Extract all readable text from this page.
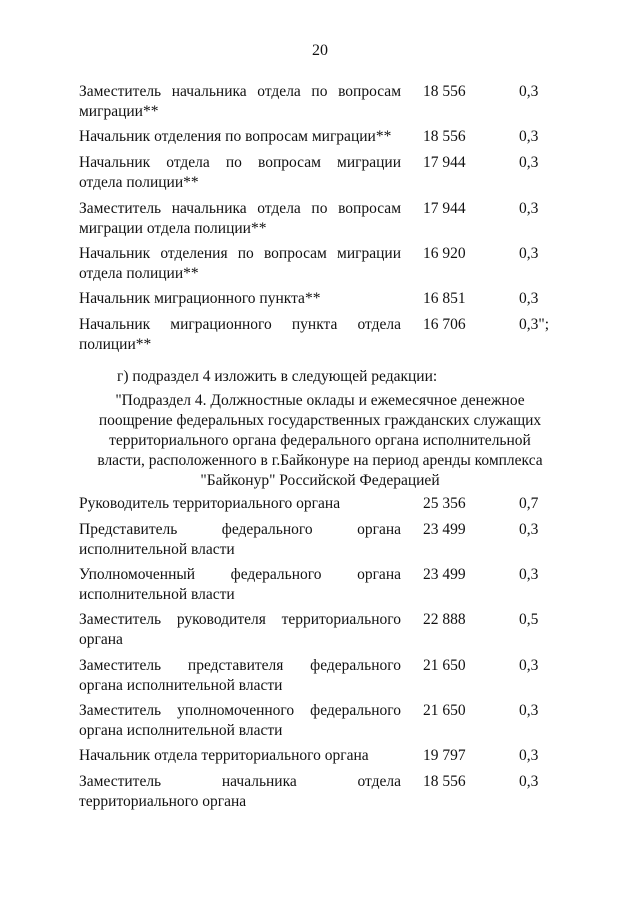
20
Заместитель начальника отдела по вопросам
миграции**
18 556	0,3
Начальник отделения по вопросам миграции**	18 556	0,3
Начальник отдела по вопросам миграции
отдела полиции**
17 944	0,3
Заместитель начальника отдела по вопросам
миграции отдела полиции**
17 944	0,3
Начальник отделения по вопросам миграции
отдела полиции**
16 920	0,3
Начальник миграционного пункта**	16 851	0,3
Начальник миграционного пункта отдела
полиции**
16 706	0,3";
г) подраздел 4 изложить в следующей редакции:
"Подраздел 4. Должностные оклады и ежемесячное денежное
поощрение федеральных государственных гражданских служащих
территориального органа федерального органа исполнительной
власти, расположенного в г.Байконуре на период аренды комплекса
"Байконур" Российской Федерацией
Руководитель территориального органа	25 356	0,7
Представитель федерального органа
исполнительной власти
23 499	0,3
Уполномоченный федерального органа
исполнительной власти
23 499	0,3
Заместитель руководителя территориального
органа
22 888	0,5
Заместитель представителя федерального
органа исполнительной власти
21 650	0,3
Заместитель уполномоченного федерального
органа исполнительной власти
21 650	0,3
Начальник отдела территориального органа	19 797	0,3
Заместитель начальника отдела
территориального органа
18 556	0,3
